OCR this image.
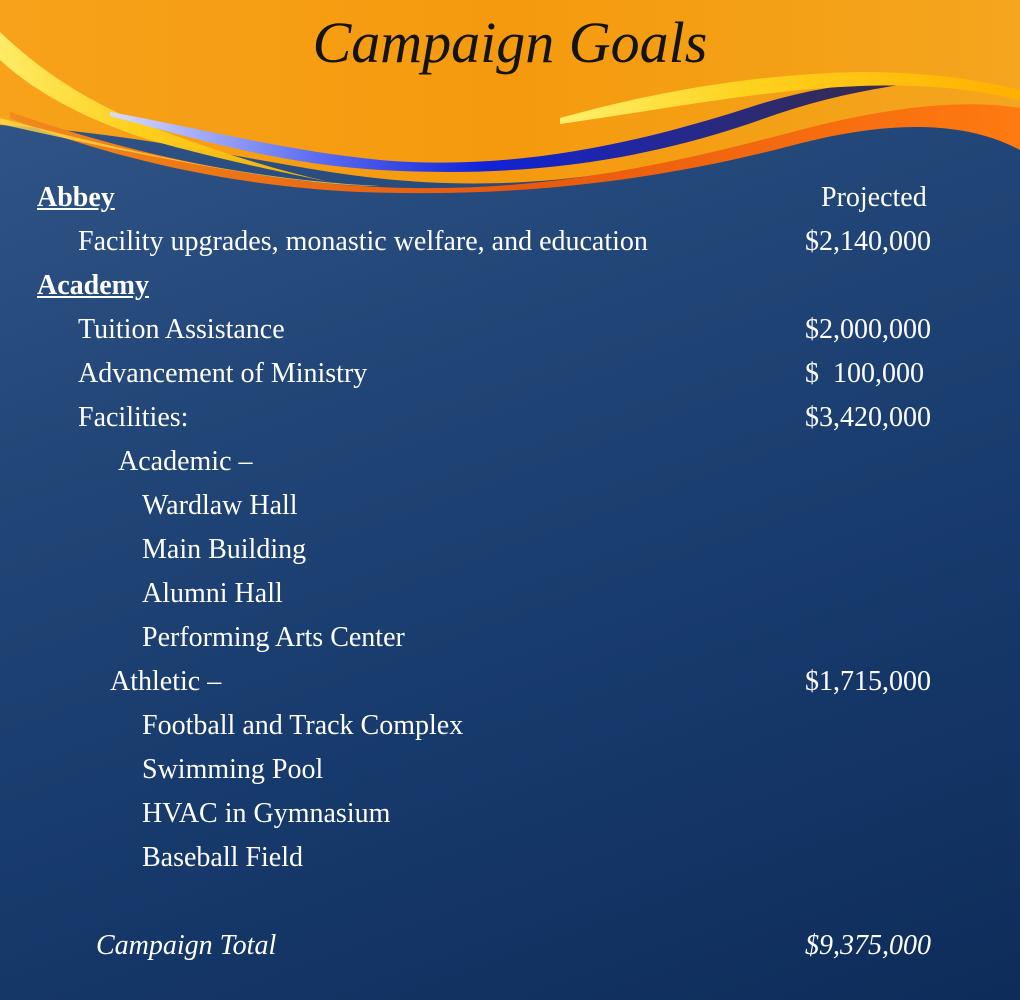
Campaign Goals
Abbey	Projected
Facility upgrades, monastic welfare, and education	$2,140,000
Academy
Tuition Assistance	$2,000,000
Advancement of Ministry	$  100,000
Facilities:	$3,420,000
Academic –
Wardlaw Hall
Main Building
Alumni Hall
Performing Arts Center
Athletic –	$1,715,000
Football and Track Complex
Swimming Pool
HVAC in Gymnasium
Baseball Field
Campaign Total	$9,375,000
